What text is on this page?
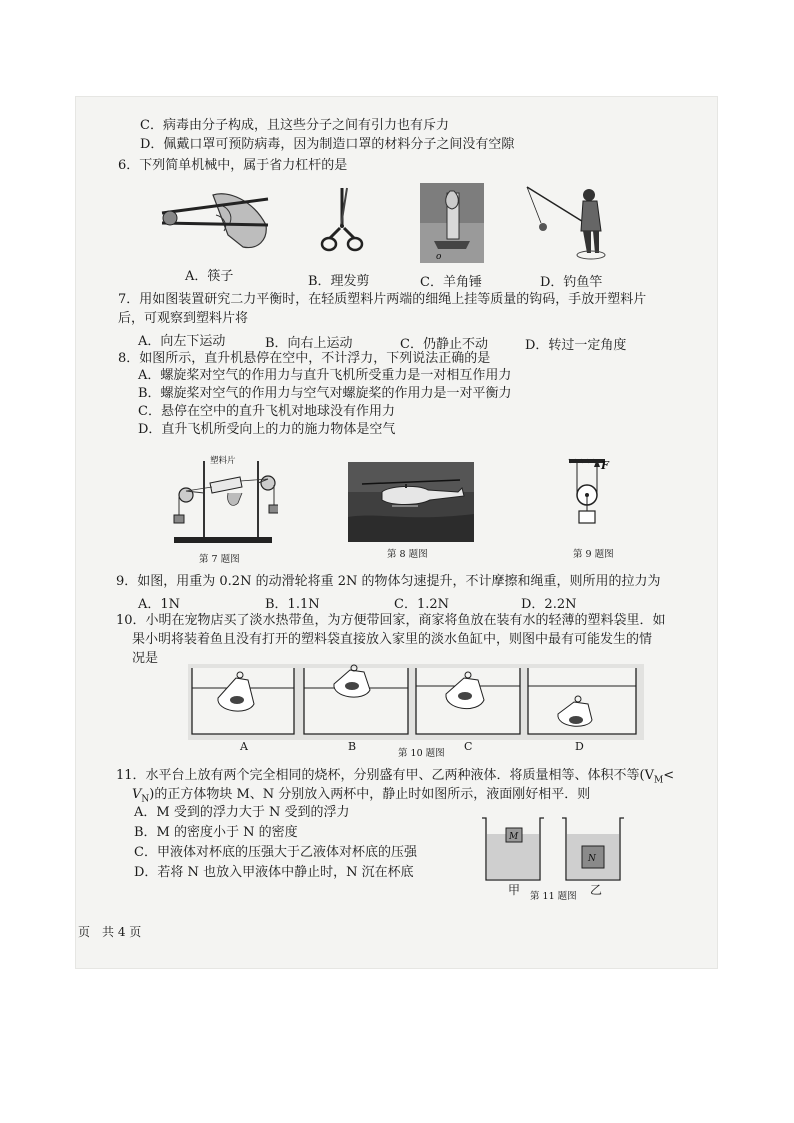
C．病毒由分子构成，且这些分子之间有引力也有斥力
D．佩戴口罩可预防病毒，因为制造口罩的材料分子之间没有空隙
6．下列简单机械中，属于省力杠杆的是
o
A．筷子	B．理发剪	C．羊角锤	D．钓鱼竿
7．用如图装置研究二力平衡时，在轻质塑料片两端的细绳上挂等质量的钩码，手放开塑料片
后，可观察到塑料片将
A．向左下运动	B．向右上运动	C．仍静止不动	D．转过一定角度
8．如图所示，直升机悬停在空中，不计浮力，下列说法正确的是
A．螺旋桨对空气的作用力与直升飞机所受重力是一对相互作用力
B．螺旋桨对空气的作用力与空气对螺旋桨的作用力是一对平衡力
C．悬停在空中的直升飞机对地球没有作用力
D．直升飞机所受向上的力的施力物体是空气
塑料片
第 7 题图	第 8 题图
F
第 9 题图
9．如图，用重为 0.2N 的动滑轮将重 2N 的物体匀速提升，不计摩擦和绳重，则所用的拉力为
A．1N	B．1.1N	C．1.2N	D．2.2N
10．小明在宠物店买了淡水热带鱼，为方便带回家，商家将鱼放在装有水的轻薄的塑料袋里．如
果小明将装着鱼且没有打开的塑料袋直接放入家里的淡水鱼缸中，则图中最有可能发生的情
况是
A	B	C	D
第 10 题图
11．水平台上放有两个完全相同的烧杯，分别盛有甲、乙两种液体．将质量相等、体积不等($V_M<$
$V_N$)的正方体物块 M、N 分别放入两杯中，静止时如图所示，液面刚好相平．则
A．M 受到的浮力大于 N 受到的浮力
B．M 的密度小于 N 的密度
C．甲液体对杯底的压强大于乙液体对杯底的压强
D．若将 N 也放入甲液体中静止时，N 沉在杯底
M
N
甲 第 11 题图 乙
页　共 4 页
